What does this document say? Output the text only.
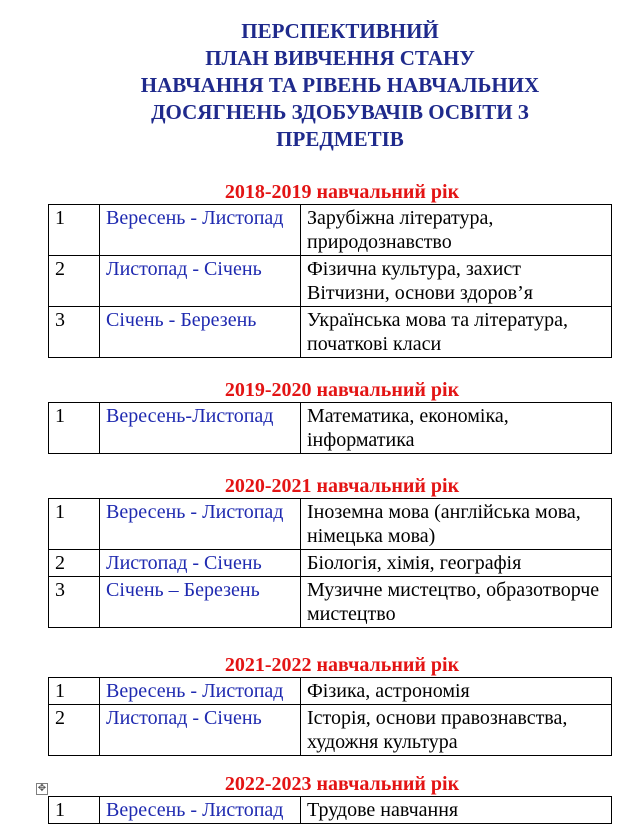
ПЕРСПЕКТИВНИЙ
ПЛАН ВИВЧЕННЯ СТАНУ
НАВЧАННЯ ТА РІВЕНЬ НАВЧАЛЬНИХ
ДОСЯГНЕНЬ ЗДОБУВАЧІВ ОСВІТИ З
ПРЕДМЕТІВ
2018-2019 навчальний рік
1	Вересень - Листопад	Зарубіжна література, природознавство
2	Листопад - Січень	Фізична культура, захист Вітчизни, основи здоров’я
3	Січень - Березень	Українська мова та література, початкові класи
2019-2020 навчальний рік
1	Вересень-Листопад	Математика, економіка, інформатика
2020-2021 навчальний рік
1	Вересень - Листопад	Іноземна мова (англійська мова, німецька мова)
2	Листопад - Січень	Біологія, хімія, географія
3	Січень – Березень	Музичне мистецтво, образотворче мистецтво
2021-2022 навчальний рік
1	Вересень - Листопад	Фізика, астрономія
2	Листопад - Січень	Історія, основи правознавства, художня культура
✥	2022-2023 навчальний рік
1	Вересень - Листопад	Трудове навчання
